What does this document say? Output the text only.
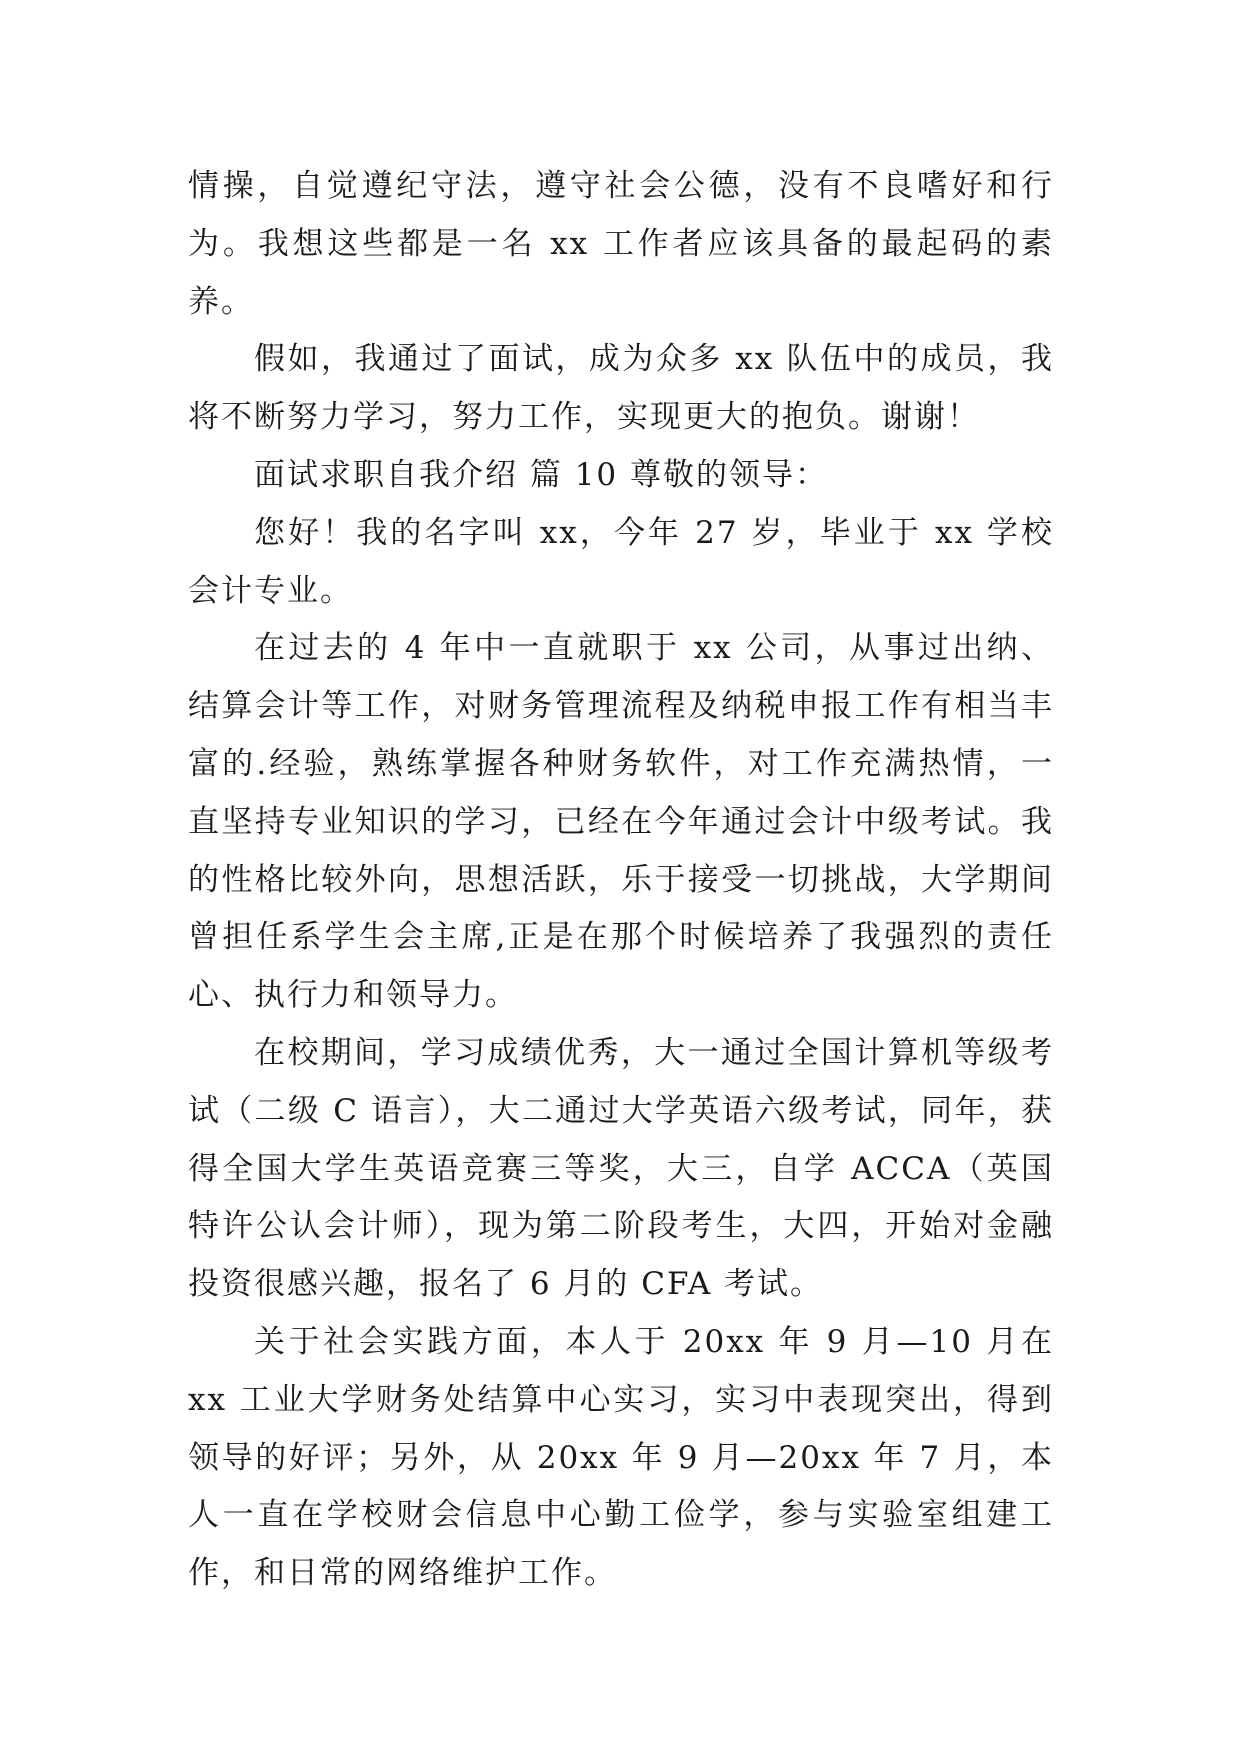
情操，自觉遵纪守法，遵守社会公德，没有不良嗜好和行为。我想这些都是一名 xx 工作者应该具备的最起码的素养。

假如，我通过了面试，成为众多 xx 队伍中的成员，我将不断努力学习，努力工作，实现更大的抱负。谢谢！

面试求职自我介绍 篇 10 尊敬的领导：

您好！我的名字叫 xx，今年 27 岁，毕业于 xx 学校会计专业。

在过去的 4 年中一直就职于 xx 公司，从事过出纳、结算会计等工作，对财务管理流程及纳税申报工作有相当丰富的.经验，熟练掌握各种财务软件，对工作充满热情，一直坚持专业知识的学习，已经在今年通过会计中级考试。我的性格比较外向，思想活跃，乐于接受一切挑战，大学期间曾担任系学生会主席,正是在那个时候培养了我强烈的责任心、执行力和领导力。

在校期间，学习成绩优秀，大一通过全国计算机等级考试（二级 C 语言），大二通过大学英语六级考试，同年，获得全国大学生英语竞赛三等奖，大三，自学 ACCA（英国特许公认会计师），现为第二阶段考生，大四，开始对金融投资很感兴趣，报名了 6 月的 CFA 考试。

关于社会实践方面，本人于 20xx 年 9 月—10 月在 xx 工业大学财务处结算中心实习，实习中表现突出，得到领导的好评；另外，从 20xx 年 9 月—20xx 年 7 月，本人一直在学校财会信息中心勤工俭学，参与实验室组建工作，和日常的网络维护工作。
